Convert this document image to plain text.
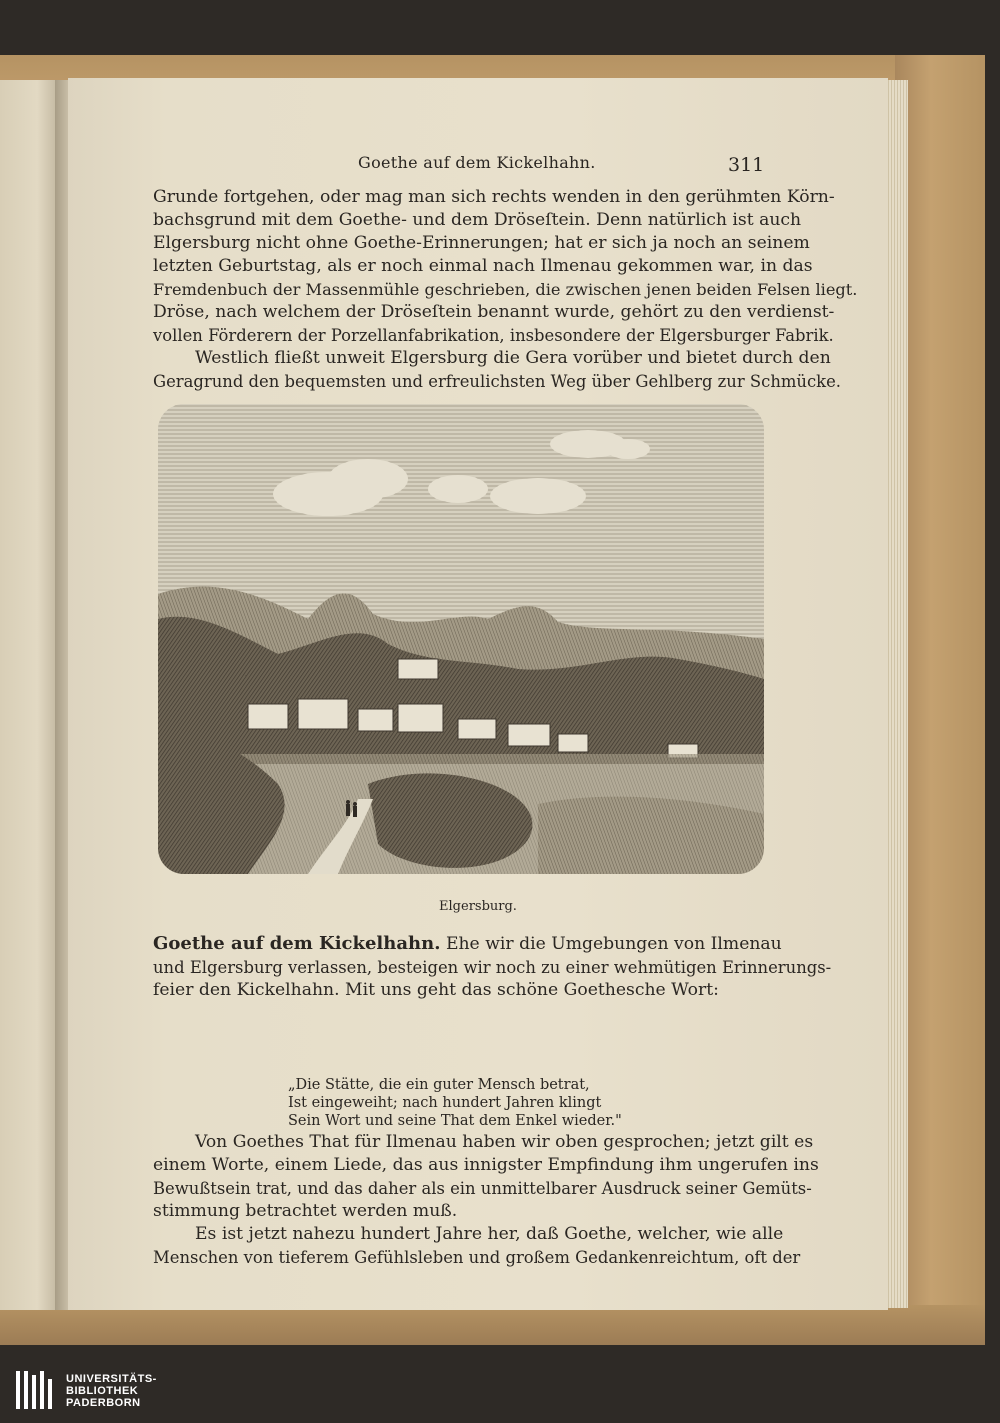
Goethe auf dem Kickelhahn.	311
Grunde fortgehen, oder mag man sich rechts wenden in den gerühmten Körn-
bachsgrund mit dem Goethe- und dem Dröseſtein. Denn natürlich ist auch
Elgersburg nicht ohne Goethe-Erinnerungen; hat er sich ja noch an seinem
letzten Geburtstag, als er noch einmal nach Ilmenau gekommen war, in das
Fremdenbuch der Massenmühle geschrieben, die zwischen jenen beiden Felsen liegt.
Dröse, nach welchem der Dröseſtein benannt wurde, gehört zu den verdienst-
vollen Förderern der Porzellanfabrikation, insbesondere der Elgersburger Fabrik.
Westlich fließt unweit Elgersburg die Gera vorüber und bietet durch den
Geragrund den bequemsten und erfreulichsten Weg über Gehlberg zur Schmücke.
Elgersburg.
Goethe auf dem Kickelhahn. Ehe wir die Umgebungen von Ilmenau
und Elgersburg verlassen, besteigen wir noch zu einer wehmütigen Erinnerungs-
feier den Kickelhahn. Mit uns geht das schöne Goethesche Wort:
„Die Stätte, die ein guter Mensch betrat,
Ist eingeweiht; nach hundert Jahren klingt
Sein Wort und seine That dem Enkel wieder."
Von Goethes That für Ilmenau haben wir oben gesprochen; jetzt gilt es
einem Worte, einem Liede, das aus innigster Empfindung ihm ungerufen ins
Bewußtsein trat, und das daher als ein unmittelbarer Ausdruck seiner Gemüts-
stimmung betrachtet werden muß.
Es ist jetzt nahezu hundert Jahre her, daß Goethe, welcher, wie alle
Menschen von tieferem Gefühlsleben und großem Gedankenreichtum, oft der
UNIVERSITÄTS-
BIBLIOTHEK
PADERBORN
